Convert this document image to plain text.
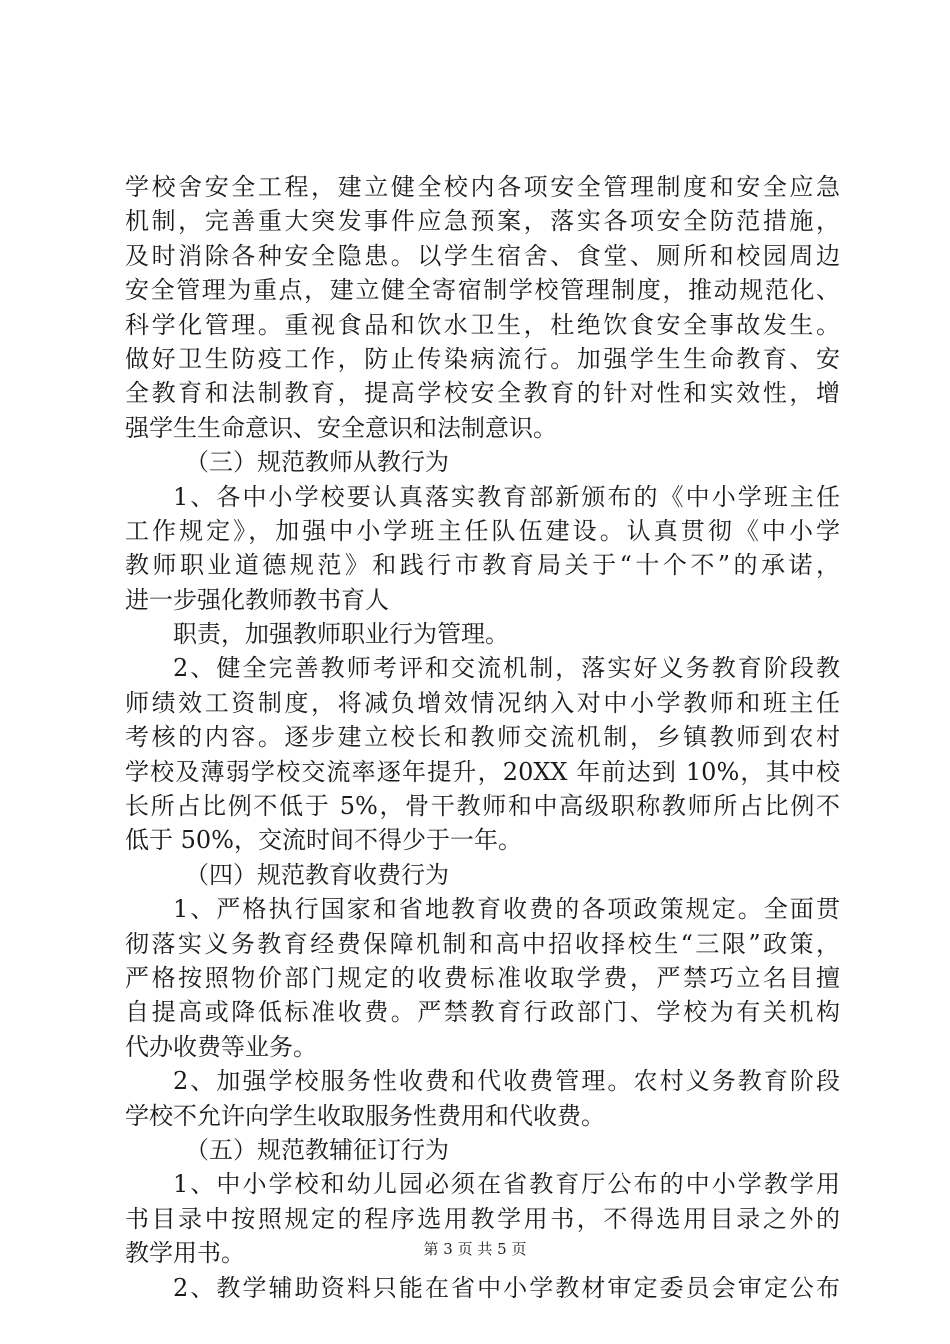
学校舍安全工程，建立健全校内各项安全管理制度和安全应急
机制，完善重大突发事件应急预案，落实各项安全防范措施，
及时消除各种安全隐患。以学生宿舍、食堂、厕所和校园周边
安全管理为重点，建立健全寄宿制学校管理制度，推动规范化、
科学化管理。重视食品和饮水卫生，杜绝饮食安全事故发生。
做好卫生防疫工作，防止传染病流行。加强学生生命教育、安
全教育和法制教育，提高学校安全教育的针对性和实效性，增
强学生生命意识、安全意识和法制意识。
（三）规范教师从教行为
1、各中小学校要认真落实教育部新颁布的《中小学班主任
工作规定》，加强中小学班主任队伍建设。认真贯彻《中小学
教师职业道德规范》和践行市教育局关于“十个不”的承诺，
进一步强化教师教书育人
职责，加强教师职业行为管理。
2、健全完善教师考评和交流机制，落实好义务教育阶段教
师绩效工资制度，将减负增效情况纳入对中小学教师和班主任
考核的内容。逐步建立校长和教师交流机制，乡镇教师到农村
学校及薄弱学校交流率逐年提升，20XX 年前达到 10%，其中校
长所占比例不低于 5%，骨干教师和中高级职称教师所占比例不
低于 50%，交流时间不得少于一年。
（四）规范教育收费行为
1、严格执行国家和省地教育收费的各项政策规定。全面贯
彻落实义务教育经费保障机制和高中招收择校生“三限”政策，
严格按照物价部门规定的收费标准收取学费，严禁巧立名目擅
自提高或降低标准收费。严禁教育行政部门、学校为有关机构
代办收费等业务。
2、加强学校服务性收费和代收费管理。农村义务教育阶段
学校不允许向学生收取服务性费用和代收费。
（五）规范教辅征订行为
1、中小学校和幼儿园必须在省教育厅公布的中小学教学用
书目录中按照规定的程序选用教学用书，不得选用目录之外的
教学用书。
2、教学辅助资料只能在省中小学教材审定委员会审定公布
第 3 页 共 5 页
